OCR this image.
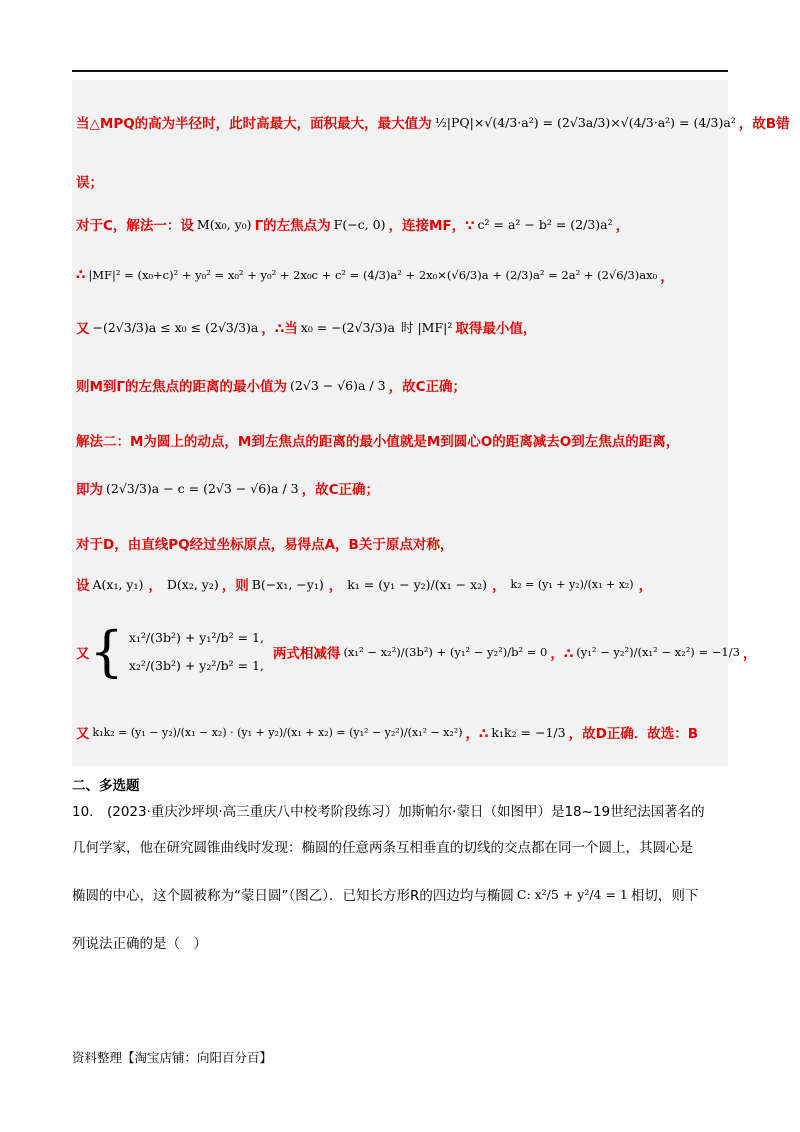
当△MPQ的高为半径时，此时高最大，面积最大，最大值为 ½|PQ|×√(4/3·a²) = (2√3a/3)×√(4/3·a²) = (4/3)a² ，故B错
误；
对于C，解法一：设 M(x₀, y₀) Γ的左焦点为 F(−c, 0) ，连接MF，∵ c² = a² − b² = (2/3)a² ，
∴ |MF|² = (x₀+c)² + y₀² = x₀² + y₀² + 2x₀c + c² = (4/3)a² + 2x₀×(√6/3)a + (2/3)a² = 2a² + (2√6/3)ax₀ ，
又 −(2√3/3)a ≤ x₀ ≤ (2√3/3)a ，∴当 x₀ = −(2√3/3)a 时 |MF|² 取得最小值，
则M到Γ的左焦点的距离的最小值为 (2√3 − √6)a / 3 ，故C正确；
解法二：M为圆上的动点，M到左焦点的距离的最小值就是M到圆心O的距离减去O到左焦点的距离，
即为 (2√3/3)a − c = (2√3 − √6)a / 3 ，故C正确；
对于D，由直线PQ经过坐标原点，易得点A，B关于原点对称，
设 A(x₁, y₁) ， D(x₂, y₂) ，则 B(−x₁, −y₁) ， k₁ = (y₁ − y₂)/(x₁ − x₂) ， k₂ = (y₁ + y₂)/(x₁ + x₂) ，
又 { x₁²/(3b²) + y₁²/b² = 1,
x₂²/(3b²) + y₂²/b² = 1,
两式相减得 (x₁² − x₂²)/(3b²) + (y₁² − y₂²)/b² = 0 ，∴ (y₁² − y₂²)/(x₁² − x₂²) = −1/3 ，
又 k₁k₂ = (y₁ − y₂)/(x₁ − x₂) · (y₁ + y₂)/(x₁ + x₂) = (y₁² − y₂²)/(x₁² − x₂²) ，∴ k₁k₂ = −1/3 ，故D正确．故选：B
二、多选题
10.　(2023·重庆沙坪坝·高三重庆八中校考阶段练习）加斯帕尔·蒙日（如图甲）是18~19世纪法国著名的
几何学家，他在研究圆锥曲线时发现：椭圆的任意两条互相垂直的切线的交点都在同一个圆上，其圆心是
椭圆的中心，这个圆被称为“蒙日圆”（图乙）．已知长方形R的四边均与椭圆 C: x²/5 + y²/4 = 1 相切，则下
列说法正确的是（　）
资料整理【淘宝店铺：向阳百分百】
